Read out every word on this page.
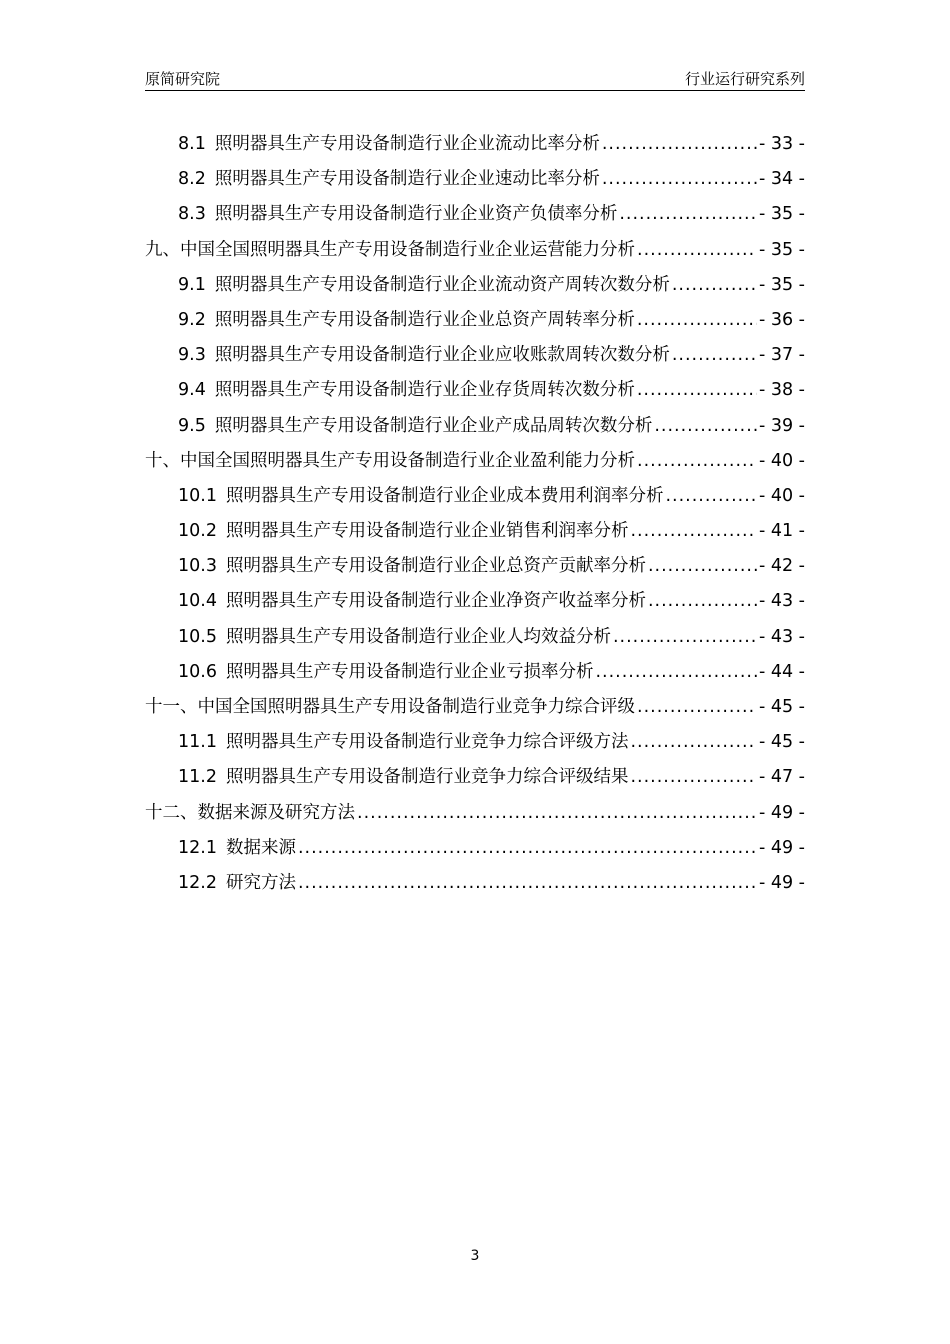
原简研究院	行业运行研究系列
8.1 照明器具生产专用设备制造行业企业流动比率分析 .....	- 33 -
8.2 照明器具生产专用设备制造行业企业速动比率分析 .....	- 34 -
8.3 照明器具生产专用设备制造行业企业资产负债率分析 .....	- 35 -
九、中国全国照明器具生产专用设备制造行业企业运营能力分析 .....	- 35 -
9.1 照明器具生产专用设备制造行业企业流动资产周转次数分析 .....	- 35 -
9.2 照明器具生产专用设备制造行业企业总资产周转率分析 .....	- 36 -
9.3 照明器具生产专用设备制造行业企业应收账款周转次数分析 .....	- 37 -
9.4 照明器具生产专用设备制造行业企业存货周转次数分析 .....	- 38 -
9.5 照明器具生产专用设备制造行业企业产成品周转次数分析 .....	- 39 -
十、中国全国照明器具生产专用设备制造行业企业盈利能力分析 .....	- 40 -
10.1 照明器具生产专用设备制造行业企业成本费用利润率分析 .....	- 40 -
10.2 照明器具生产专用设备制造行业企业销售利润率分析 .....	- 41 -
10.3 照明器具生产专用设备制造行业企业总资产贡献率分析 .....	- 42 -
10.4 照明器具生产专用设备制造行业企业净资产收益率分析 .....	- 43 -
10.5 照明器具生产专用设备制造行业企业人均效益分析 .....	- 43 -
10.6 照明器具生产专用设备制造行业企业亏损率分析 .....	- 44 -
十一、中国全国照明器具生产专用设备制造行业竞争力综合评级 .....	- 45 -
11.1 照明器具生产专用设备制造行业竞争力综合评级方法 .....	- 45 -
11.2 照明器具生产专用设备制造行业竞争力综合评级结果 .....	- 47 -
十二、数据来源及研究方法 .....	- 49 -
12.1 数据来源 .....	- 49 -
12.2 研究方法 .....	- 49 -
3
